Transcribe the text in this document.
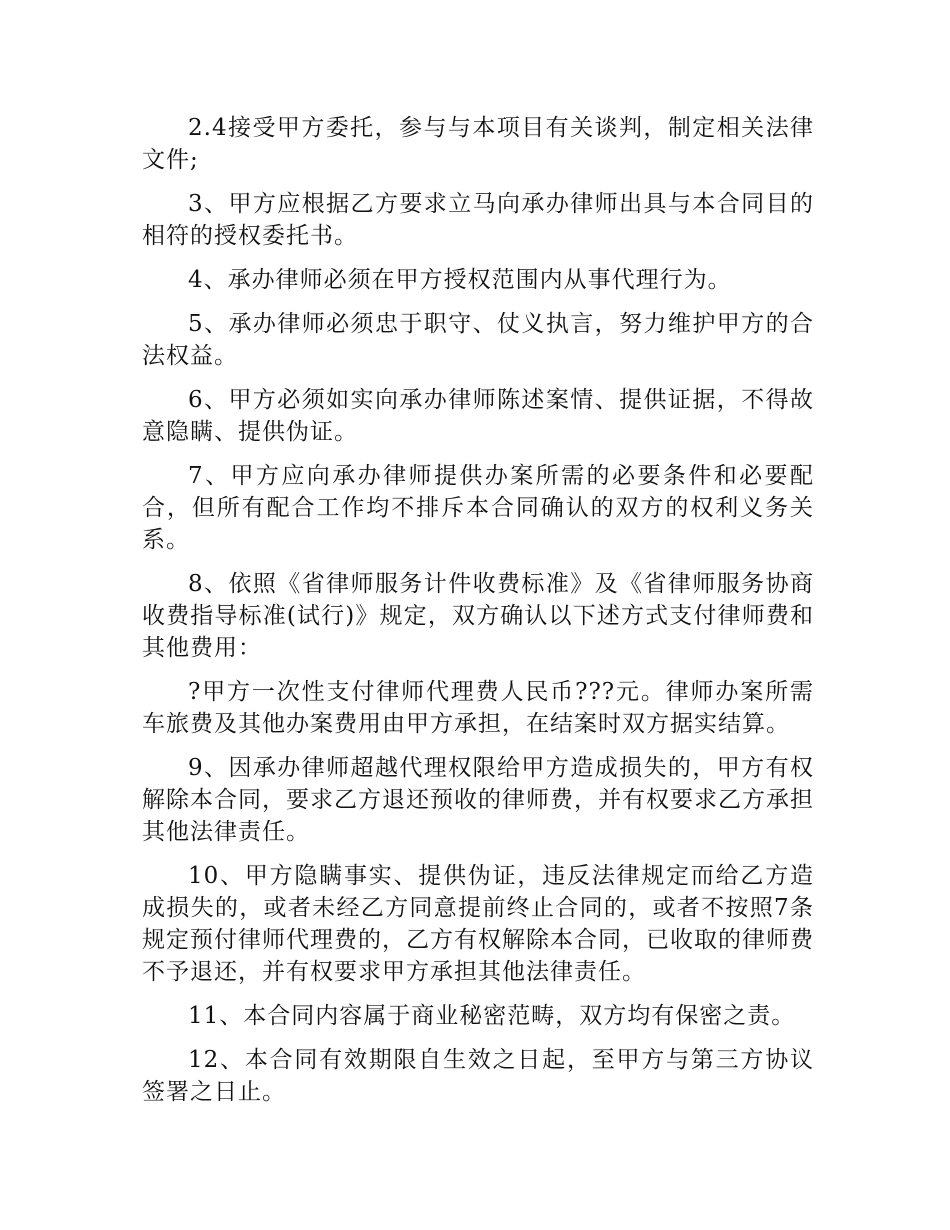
2.4接受甲方委托，参与与本项目有关谈判，制定相关法律文件;

3、甲方应根据乙方要求立马向承办律师出具与本合同目的相符的授权委托书。

4、承办律师必须在甲方授权范围内从事代理行为。

5、承办律师必须忠于职守、仗义执言，努力维护甲方的合法权益。

6、甲方必须如实向承办律师陈述案情、提供证据，不得故意隐瞒、提供伪证。

7、甲方应向承办律师提供办案所需的必要条件和必要配合，但所有配合工作均不排斥本合同确认的双方的权利义务关系。

8、依照《省律师服务计件收费标准》及《省律师服务协商收费指导标准(试行)》规定，双方确认以下述方式支付律师费和其他费用：

?甲方一次性支付律师代理费人民币???元。律师办案所需车旅费及其他办案费用由甲方承担，在结案时双方据实结算。

9、因承办律师超越代理权限给甲方造成损失的，甲方有权解除本合同，要求乙方退还预收的律师费，并有权要求乙方承担其他法律责任。

10、甲方隐瞒事实、提供伪证，违反法律规定而给乙方造成损失的，或者未经乙方同意提前终止合同的，或者不按照7条规定预付律师代理费的，乙方有权解除本合同，已收取的律师费不予退还，并有权要求甲方承担其他法律责任。

11、本合同内容属于商业秘密范畴，双方均有保密之责。

12、本合同有效期限自生效之日起，至甲方与第三方协议签署之日止。
